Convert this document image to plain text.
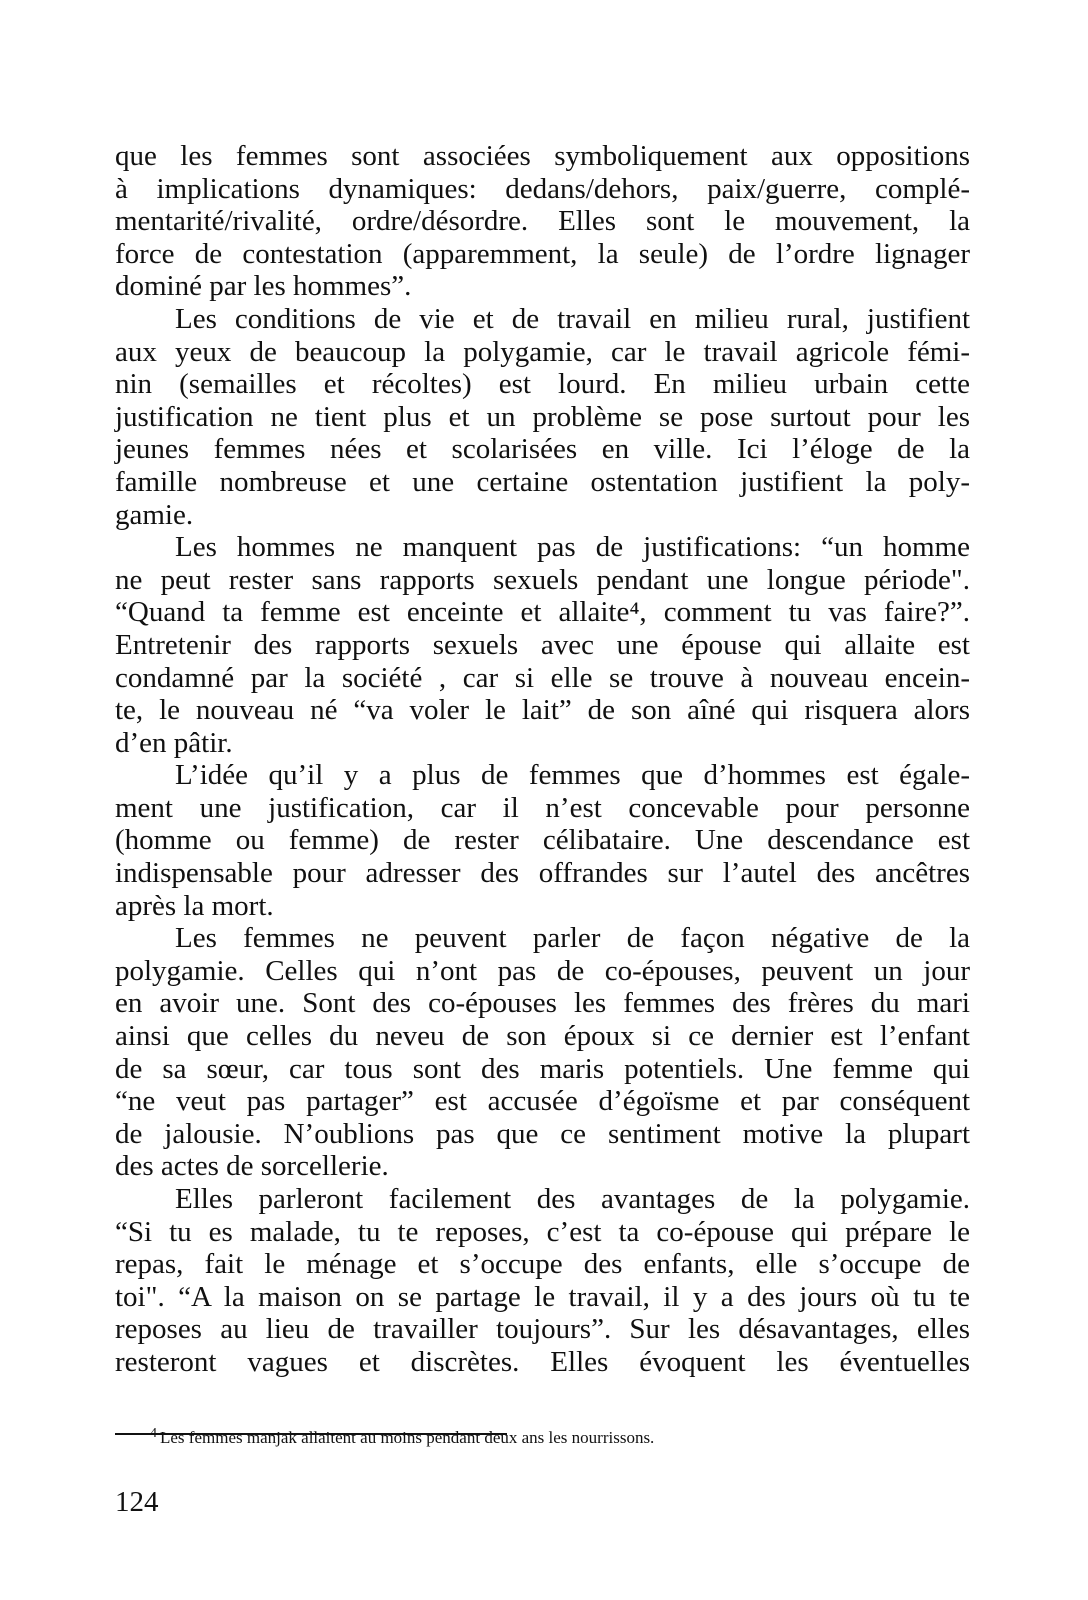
que les femmes sont associées symboliquement aux oppositions
à implications dynamiques: dedans/dehors, paix/guerre, complé-
mentarité/rivalité, ordre/désordre. Elles sont le mouvement, la
force de contestation (apparemment, la seule) de l’ordre lignager
dominé par les hommes”.
Les conditions de vie et de travail en milieu rural, justifient
aux yeux de beaucoup la polygamie, car le travail agricole fémi-
nin (semailles et récoltes) est lourd. En milieu urbain cette
justification ne tient plus et un problème se pose surtout pour les
jeunes femmes nées et scolarisées en ville. Ici l’éloge de la
famille nombreuse et une certaine ostentation justifient la poly-
gamie.
Les hommes ne manquent pas de justifications: “un homme
ne peut rester sans rapports sexuels pendant une longue période".
“Quand ta femme est enceinte et allaite⁴, comment tu vas faire?”.
Entretenir des rapports sexuels avec une épouse qui allaite est
condamné par la société , car si elle se trouve à nouveau encein-
te, le nouveau né “va voler le lait” de son aîné qui risquera alors
d’en pâtir.
L’idée qu’il y a plus de femmes que d’hommes est égale-
ment une justification, car il n’est concevable pour personne
(homme ou femme) de rester célibataire. Une descendance est
indispensable pour adresser des offrandes sur l’autel des ancêtres
après la mort.
Les femmes ne peuvent parler de façon négative de la
polygamie. Celles qui n’ont pas de co-épouses, peuvent un jour
en avoir une. Sont des co-épouses les femmes des frères du mari
ainsi que celles du neveu de son époux si ce dernier est l’enfant
de sa sœur, car tous sont des maris potentiels. Une femme qui
“ne veut pas partager” est accusée d’égoïsme et par conséquent
de jalousie. N’oublions pas que ce sentiment motive la plupart
des actes de sorcellerie.
Elles parleront facilement des avantages de la polygamie.
“Si tu es malade, tu te reposes, c’est ta co-épouse qui prépare le
repas, fait le ménage et s’occupe des enfants, elle s’occupe de
toi". “A la maison on se partage le travail, il y a des jours où tu te
reposes au lieu de travailler toujours”. Sur les désavantages, elles
resteront vagues et discrètes. Elles évoquent les éventuelles
$^4$ Les femmes manjak allaitent au moins pendant deux ans les nourrissons.
124
